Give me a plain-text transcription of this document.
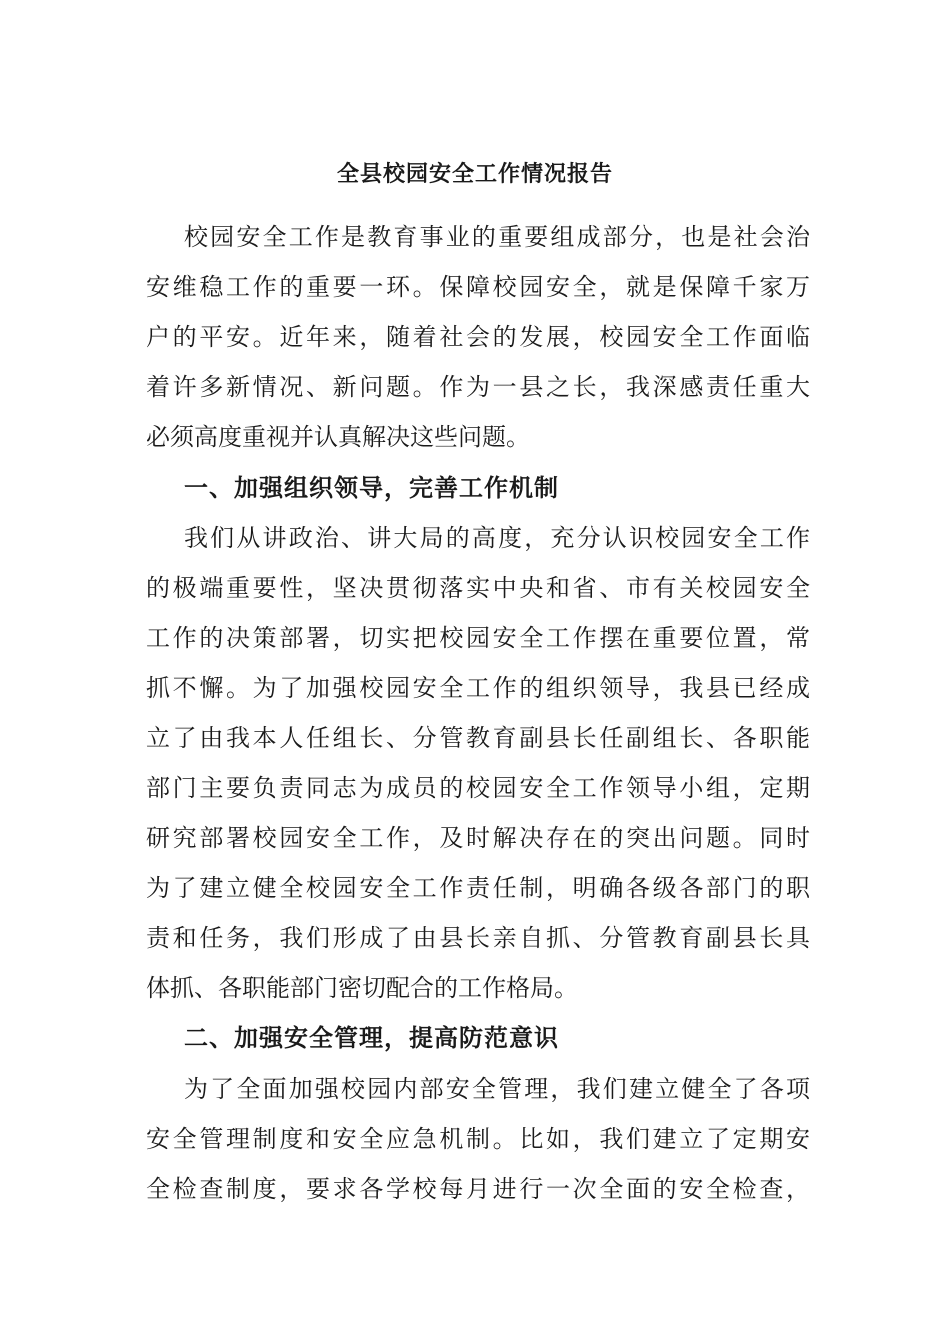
全县校园安全工作情况报告
校园安全工作是教育事业的重要组成部分，也是社会治
安维稳工作的重要一环。保障校园安全，就是保障千家万
户的平安。近年来，随着社会的发展，校园安全工作面临
着许多新情况、新问题。作为一县之长，我深感责任重大
必须高度重视并认真解决这些问题。
一、加强组织领导，完善工作机制
我们从讲政治、讲大局的高度，充分认识校园安全工作
的极端重要性，坚决贯彻落实中央和省、市有关校园安全
工作的决策部署，切实把校园安全工作摆在重要位置，常
抓不懈。为了加强校园安全工作的组织领导，我县已经成
立了由我本人任组长、分管教育副县长任副组长、各职能
部门主要负责同志为成员的校园安全工作领导小组，定期
研究部署校园安全工作，及时解决存在的突出问题。同时
为了建立健全校园安全工作责任制，明确各级各部门的职
责和任务，我们形成了由县长亲自抓、分管教育副县长具
体抓、各职能部门密切配合的工作格局。
二、加强安全管理，提高防范意识
为了全面加强校园内部安全管理，我们建立健全了各项
安全管理制度和安全应急机制。比如，我们建立了定期安
全检查制度，要求各学校每月进行一次全面的安全检查，
